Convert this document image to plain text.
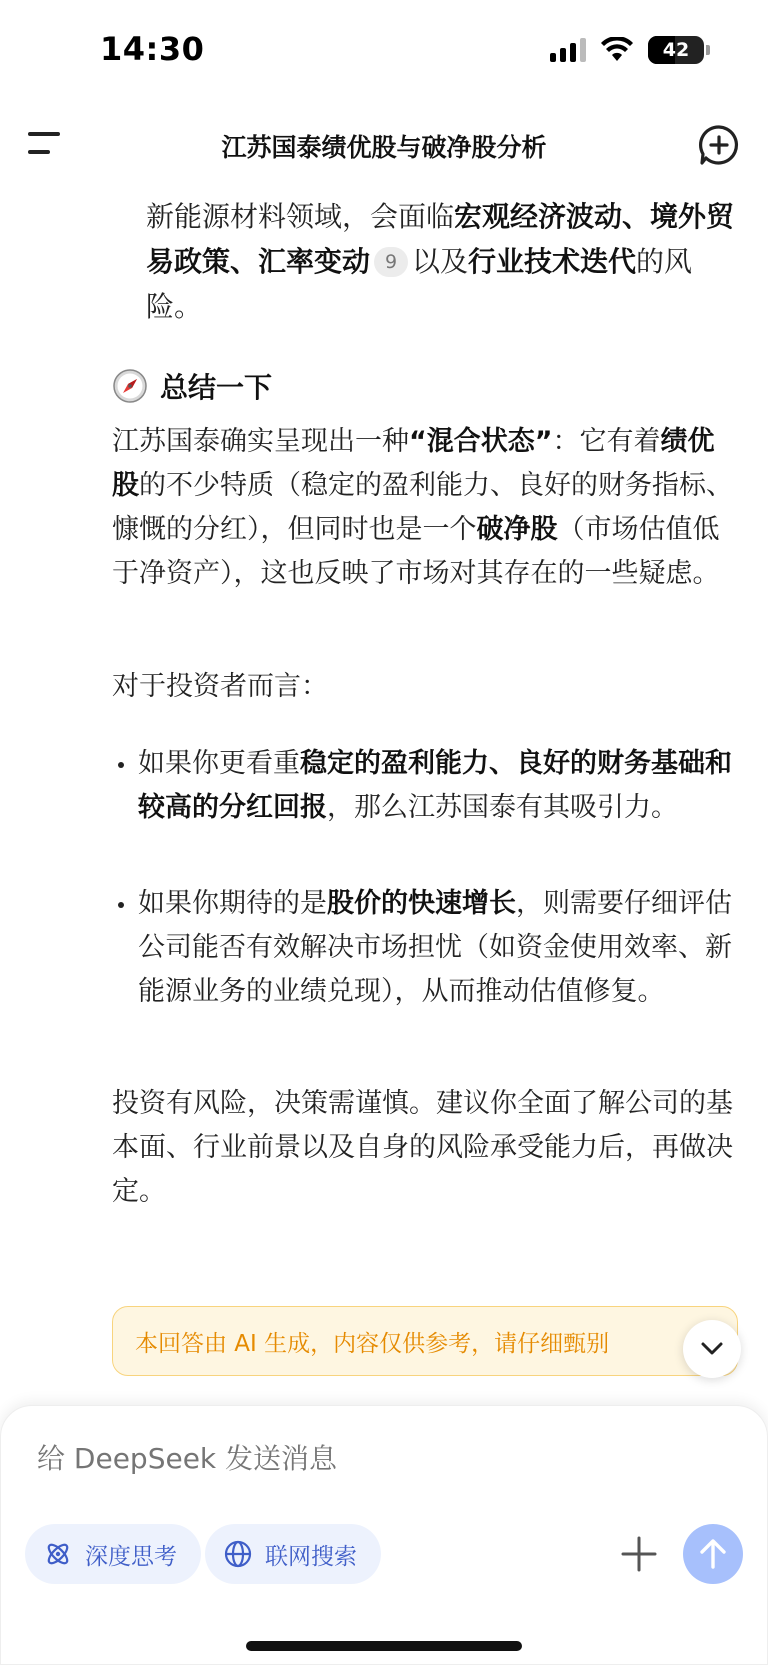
14:30	42
江苏国泰绩优股与破净股分析
新能源材料领域，会面临宏观经济波动、境外贸易政策、汇率变动 9 以及行业技术迭代的风险。
总结一下
江苏国泰确实呈现出一种“混合状态”：它有着绩优股的不少特质（稳定的盈利能力、良好的财务指标、慷慨的分红），但同时也是一个破净股（市场估值低于净资产），这也反映了市场对其存在的一些疑虑。
对于投资者而言：
如果你更看重稳定的盈利能力、良好的财务基础和较高的分红回报，那么江苏国泰有其吸引力。
如果你期待的是股价的快速增长，则需要仔细评估公司能否有效解决市场担忧（如资金使用效率、新能源业务的业绩兑现），从而推动估值修复。
投资有风险，决策需谨慎。建议你全面了解公司的基本面、行业前景以及自身的风险承受能力后，再做决定。
本回答由 AI 生成，内容仅供参考，请仔细甄别
给 DeepSeek 发送消息
深度思考	联网搜索
